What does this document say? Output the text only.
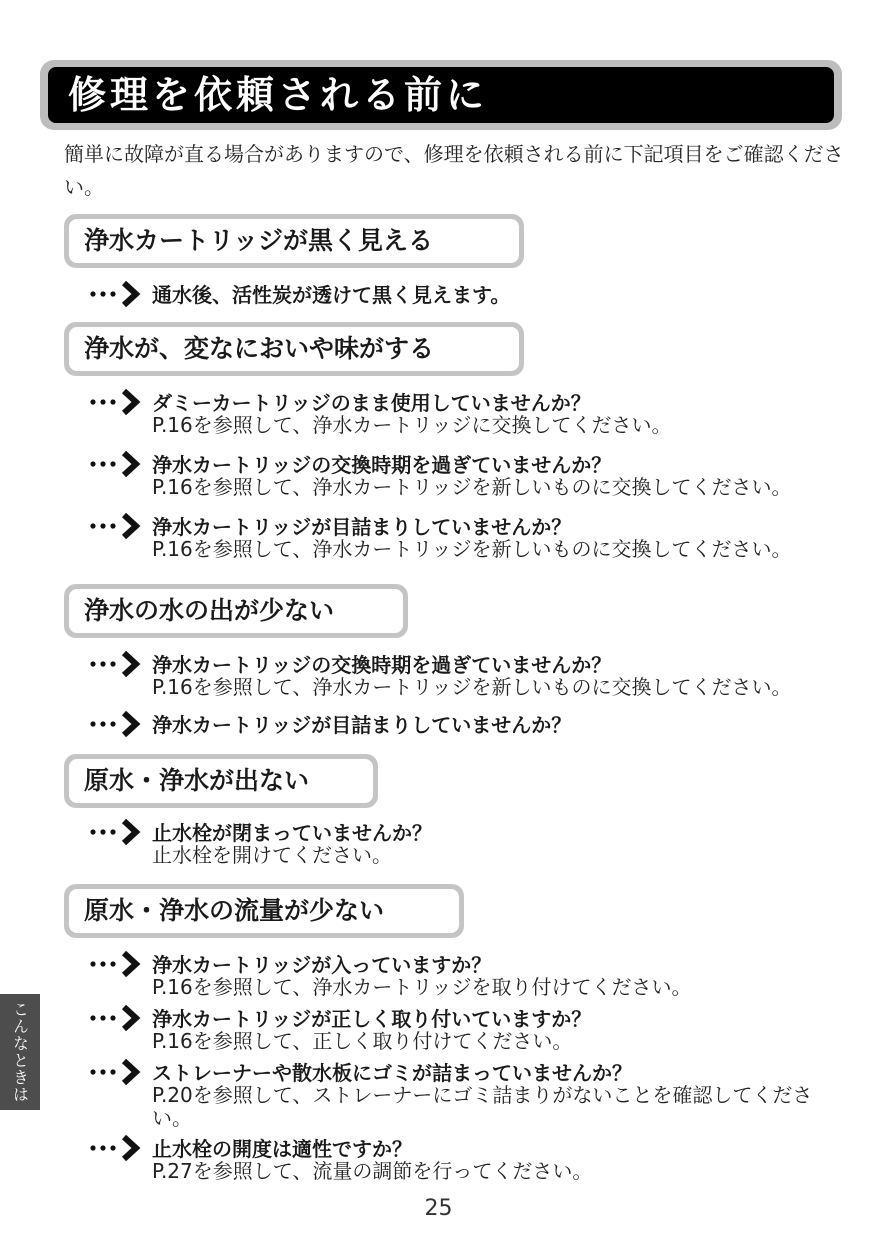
修理を依頼される前に
簡単に故障が直る場合がありますので、修理を依頼される前に下記項目をご確認ください。
浄水カートリッジが黒く見える
通水後、活性炭が透けて黒く見えます。
浄水が、変なにおいや味がする
ダミーカートリッジのまま使用していませんか？
P.16を参照して、浄水カートリッジに交換してください。
浄水カートリッジの交換時期を過ぎていませんか？
P.16を参照して、浄水カートリッジを新しいものに交換してください。
浄水カートリッジが目詰まりしていませんか？
P.16を参照して、浄水カートリッジを新しいものに交換してください。
浄水の水の出が少ない
浄水カートリッジの交換時期を過ぎていませんか？
P.16を参照して、浄水カートリッジを新しいものに交換してください。
浄水カートリッジが目詰まりしていませんか？
原水・浄水が出ない
止水栓が閉まっていませんか？
止水栓を開けてください。
原水・浄水の流量が少ない
浄水カートリッジが入っていますか？
P.16を参照して、浄水カートリッジを取り付けてください。
浄水カートリッジが正しく取り付いていますか？
P.16を参照して、正しく取り付けてください。
ストレーナーや散水板にゴミが詰まっていませんか？
P.20を参照して、ストレーナーにゴミ詰まりがないことを確認してください。
止水栓の開度は適性ですか？
P.27を参照して、流量の調節を行ってください。
こんなときは
25
